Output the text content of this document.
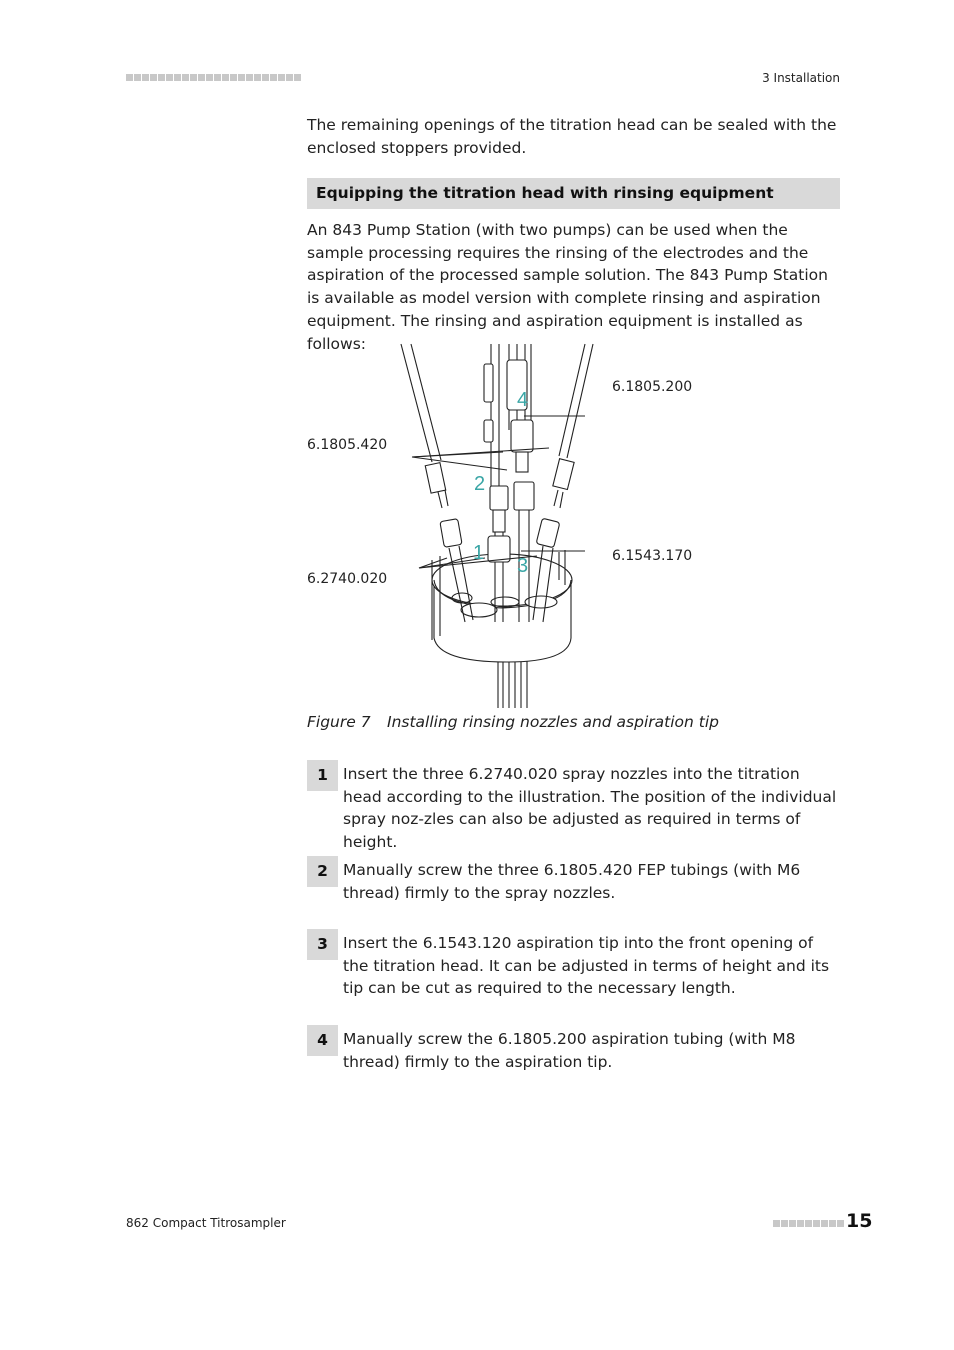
3 Installation

The remaining openings of the titration head can be sealed with the enclosed stoppers provided.

Equipping the titration head with rinsing equipment

An 843 Pump Station (with two pumps) can be used when the sample processing requires the rinsing of the electrodes and the aspiration of the processed sample solution. The 843 Pump Station is available as model version with complete rinsing and aspiration equipment. The rinsing and aspiration equipment is installed as follows:

1
2
3
4
6.1805.200
6.1805.420
6.1543.170
6.2740.020
Figure 7 Installing rinsing nozzles and aspiration tip
1 Insert the three 6.2740.020 spray nozzles into the titration head according to the illustration. The position of the individual spray noz-zles can also be adjusted as required in terms of height.
2 Manually screw the three 6.1805.420 FEP tubings (with M6 thread) firmly to the spray nozzles.
3 Insert the 6.1543.120 aspiration tip into the front opening of the titration head. It can be adjusted in terms of height and its tip can be cut as required to the necessary length.
4 Manually screw the 6.1805.200 aspiration tubing (with M8 thread) firmly to the aspiration tip.
862 Compact Titrosampler	15
